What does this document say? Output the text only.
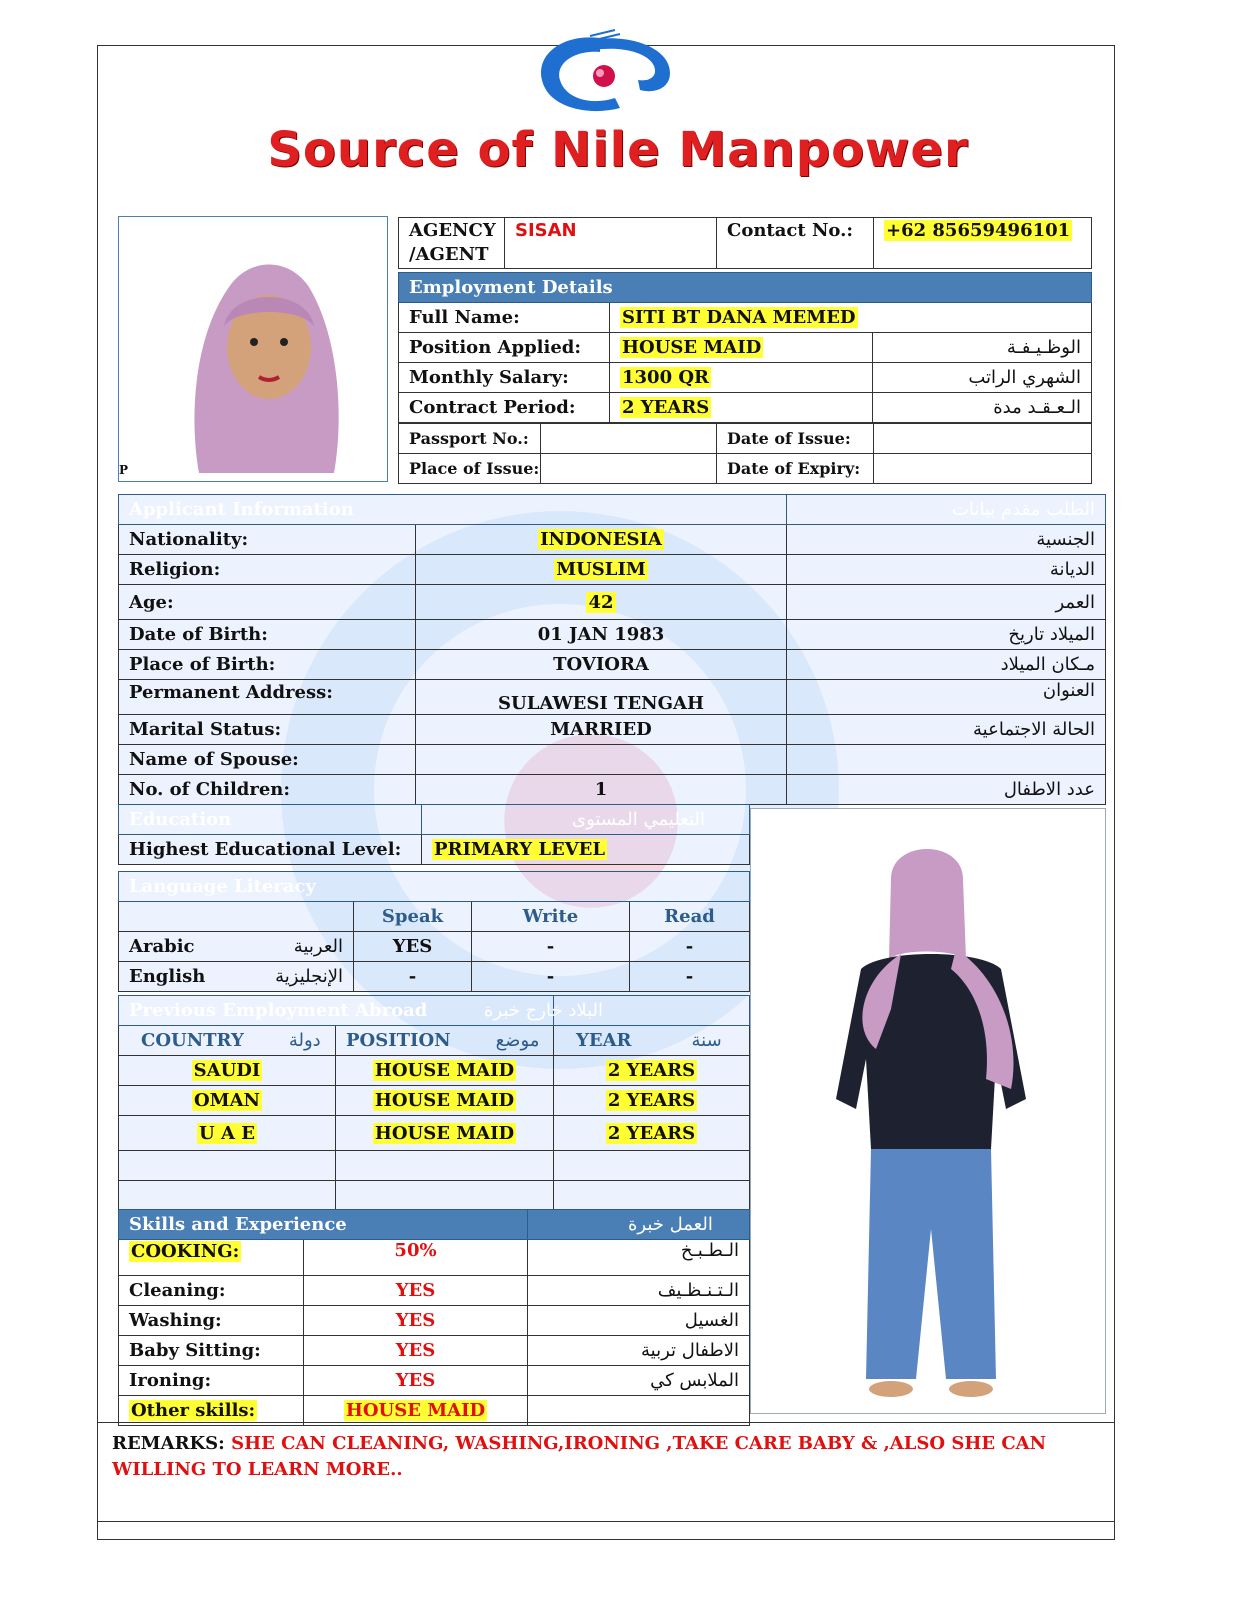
Source of Nile Manpower
P
AGENCY
/AGENT
	SISAN	Contact No.:	+62 85659496101
Employment Details		
Full Name:	SITI BT DANA MEMED	
Position Applied:	HOUSE MAID	الوظـيـفـة
Monthly Salary:	1300 QR	الشهري الراتب
Contract Period:	2 YEARS	الـعـقـد مدة
Passport No.:		Date of Issue:	
Place of Issue:		Date of Expiry:	
Applicant Information		الطلب مقدم بيانات
Nationality:	INDONESIA	الجنسية
Religion:	MUSLIM	الديانة
Age:	42	العمر
Date of Birth:	01 JAN 1983	الميلاد تاريخ
Place of Birth:	TOVIORA	مـكان الميلاد
Permanent Address:	SULAWESI TENGAH	العنوان
Marital Status:	MARRIED	الحالة الاجتماعية
Name of Spouse:		
No. of Children:	1	عدد الاطفال
Education	التعليمي المستوى
Highest Educational Level:	PRIMARY LEVEL
Language Literacy			
	Speak	Write	Read
Arabic العربية	YES	-	-
English الإنجليزية	-	-	-
Previous Employment Abroad البلاد خارج خبرة		

COUNTRY دولة	POSITION موضع	YEAR سنة
SAUDI	HOUSE MAID	2 YEARS
OMAN	HOUSE MAID	2 YEARS
U A E	HOUSE MAID	2 YEARS

Skills and Experience		العمل خبرة
COOKING:	50%	الـطـبـخ
Cleaning:	YES	الـتـنـظـيف
Washing:	YES	الغسيل
Baby Sitting:	YES	الاطفال تربية
Ironing:	YES	الملابس كي
Other skills:	HOUSE MAID	
REMARKS: SHE CAN CLEANING, WASHING,IRONING ,TAKE CARE BABY & ,ALSO SHE CAN WILLING TO LEARN MORE..
